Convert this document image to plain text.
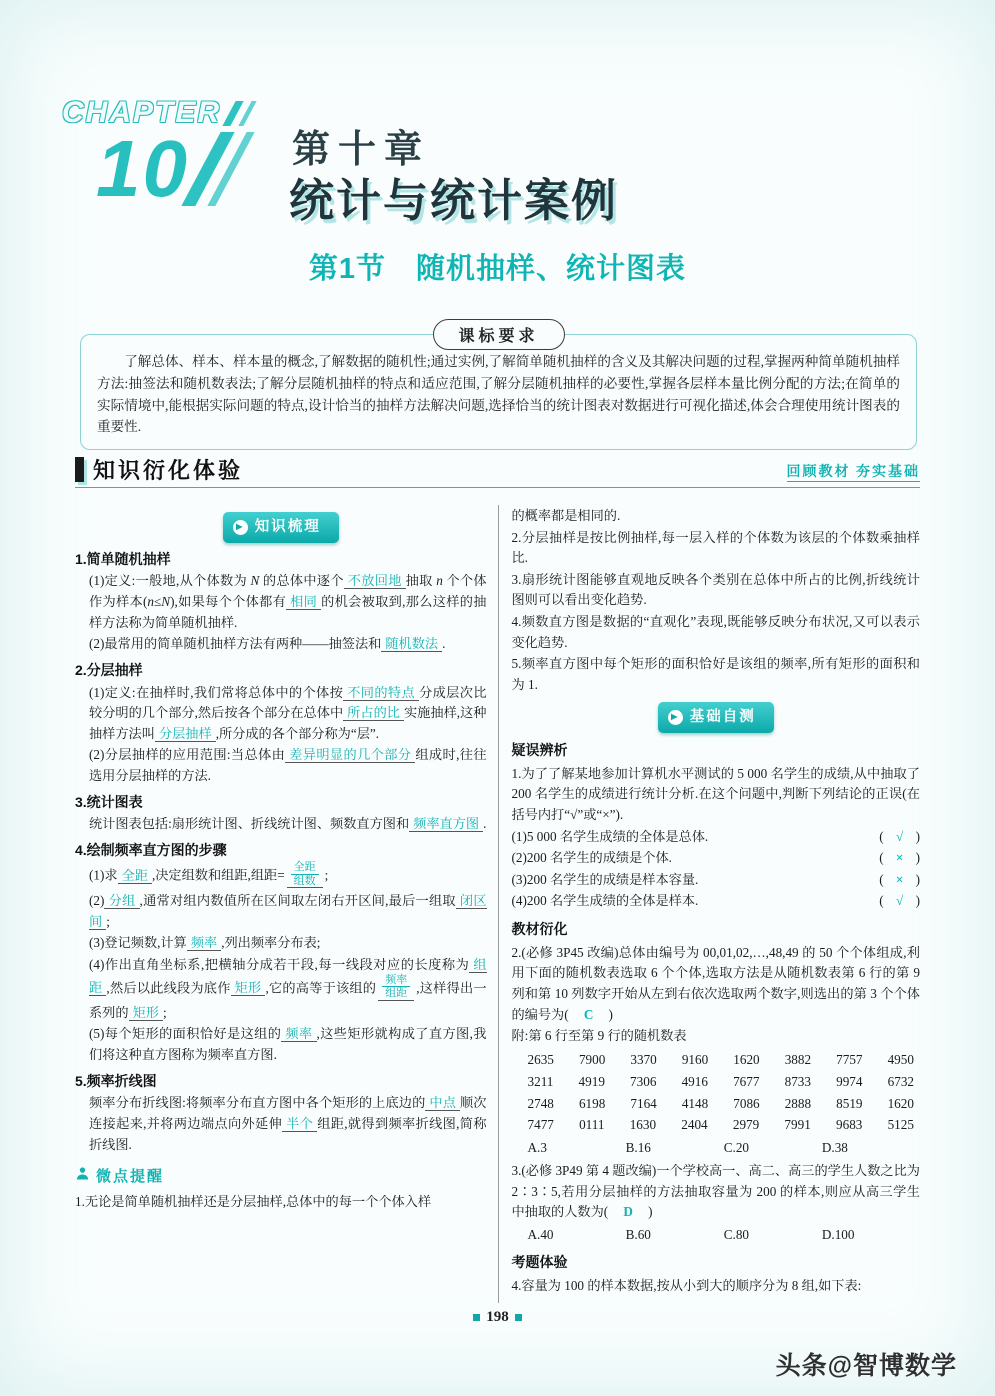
CHAPTER
10	第十章
统计与统计案例
第1节　随机抽样、统计图表
课标要求

了解总体、样本、样本量的概念,了解数据的随机性;通过实例,了解简单随机抽样的含义及其解决问题的过程,掌握两种简单随机抽样方法:抽签法和随机数表法;了解分层随机抽样的特点和适应范围,了解分层随机抽样的必要性,掌握各层样本量比例分配的方法;在简单的实际情境中,能根据实际问题的特点,设计恰当的抽样方法解决问题,选择恰当的统计图表对数据进行可视化描述,体会合理使用统计图表的重要性.

知识衍化体验	回顾教材 夯实基础
▶ 知识梳理
1.简单随机抽样

(1)定义:一般地,从个体数为 N 的总体中逐个 不放回地 抽取 n 个个体作为样本(n≤N),如果每个个体都有 相同 的机会被取到,那么这样的抽样方法称为简单随机抽样.

(2)最常用的简单随机抽样方法有两种——抽签法和 随机数法 .

2.分层抽样

(1)定义:在抽样时,我们常将总体中的个体按 不同的特点 分成层次比较分明的几个部分,然后按各个部分在总体中 所占的比 实施抽样,这种抽样方法叫 分层抽样 ,所分成的各个部分称为“层”.

(2)分层抽样的应用范围:当总体由 差异明显的几个部分 组成时,往往选用分层抽样的方法.

3.统计图表

统计图表包括:扇形统计图、折线统计图、频数直方图和 频率直方图 .

4.绘制频率直方图的步骤

(1)求 全距 ,决定组数和组距,组距= $\frac{\text{全距}}{\text{组数}}$ ;

(2) 分组 ,通常对组内数值所在区间取左闭右开区间,最后一组取 闭区间 ;

(3)登记频数,计算 频率 ,列出频率分布表;

(4)作出直角坐标系,把横轴分成若干段,每一线段对应的长度称为 组距 ,然后以此线段为底作 矩形 ,它的高等于该组的 $\frac{\text{频率}}{\text{组距}}$ ,这样得出一系列的 矩形 ;

(5)每个矩形的面积恰好是这组的 频率 ,这些矩形就构成了直方图,我们将这种直方图称为频率直方图.

5.频率折线图

频率分布折线图:将频率分布直方图中各个矩形的上底边的 中点 顺次连接起来,并将两边端点向外延伸 半个 组距,就得到频率折线图,简称折线图.

微点提醒

1.无论是简单随机抽样还是分层抽样,总体中的每一个个体入样

的概率都是相同的.

2.分层抽样是按比例抽样,每一层入样的个体数为该层的个体数乘抽样比.

3.扇形统计图能够直观地反映各个类别在总体中所占的比例,折线统计图则可以看出变化趋势.

4.频数直方图是数据的“直观化”表现,既能够反映分布状况,又可以表示变化趋势.

5.频率直方图中每个矩形的面积恰好是该组的频率,所有矩形的面积和为 1.

▶ 基础自测
疑误辨析

1.为了了解某地参加计算机水平测试的 5 000 名学生的成绩,从中抽取了 200 名学生的成绩进行统计分析.在这个问题中,判断下列结论的正误(在括号内打“√”或“×”).

(1)5 000 名学生成绩的全体是总体.	( √ )
(2)200 名学生的成绩是个体.	( × )
(3)200 名学生的成绩是样本容量.	( × )
(4)200 名学生成绩的全体是样本.	( √ )
教材衍化

2.(必修 3P45 改编)总体由编号为 00,01,02,…,48,49 的 50 个个体组成,利用下面的随机数表选取 6 个个体,选取方法是从随机数表第 6 行的第 9 列和第 10 列数字开始从左到右依次选取两个数字,则选出的第 3 个个体的编号为(　C　)

附:第 6 行至第 9 行的随机数表

2635 7900 3370 9160 1620 3882 7757 4950
3211 4919 7306 4916 7677 8733 9974 6732
2748 6198 7164 4148 7086 2888 8519 1620
7477 0111 1630 2404 2979 7991 9683 5125
A.3	B.16	C.20	D.38

3.(必修 3P49 第 4 题改编)一个学校高一、高二、高三的学生人数之比为 2∶3∶5,若用分层抽样的方法抽取容量为 200 的样本,则应从高三学生中抽取的人数为(　D　)

A.40	B.60	C.80	D.100
考题体验

4.容量为 100 的样本数据,按从小到大的顺序分为 8 组,如下表:

198
头条@智博数学
